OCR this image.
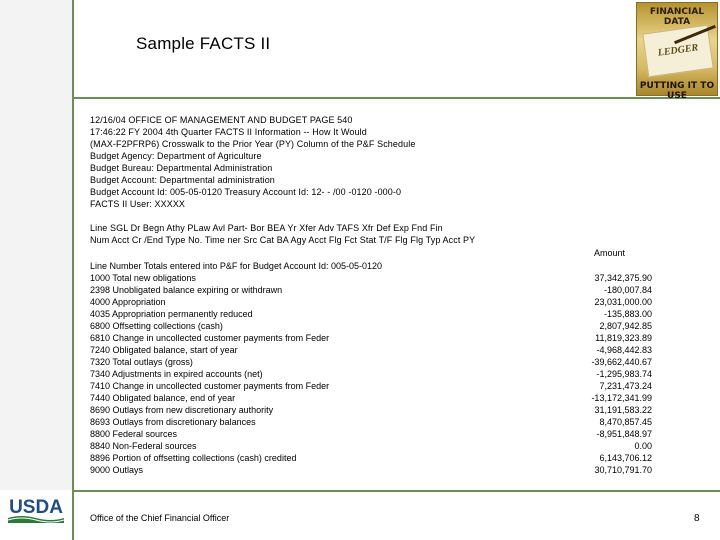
Sample FACTS II
FINANCIAL DATA
LEDGER
PUTTING IT TO USE
12/16/04 OFFICE OF MANAGEMENT AND BUDGET PAGE 540
17:46:22 FY 2004 4th Quarter FACTS II Information -- How It Would
(MAX-F2PFRP6) Crosswalk to the Prior Year (PY) Column of the P&F Schedule
Budget Agency: Department of Agriculture
Budget Bureau: Departmental Administration
Budget Account: Departmental administration
Budget Account Id: 005-05-0120 Treasury Account Id: 12- - /00 -0120 -000-0
FACTS II User: XXXXX
Line SGL Dr Begn Athy PLaw Avl Part- Bor BEA Yr Xfer Adv TAFS Xfr Def Exp Fnd Fin
Num Acct Cr /End Type No. Time ner Src Cat BA Agy Acct Flg Fct Stat T/F Flg Flg Typ Acct PY
Amount
Line Number Totals entered into P&F for Budget Account Id: 005-05-0120
1000 Total new obligations	37,342,375.90
2398 Unobligated balance expiring or withdrawn	-180,007.84
4000 Appropriation	23,031,000.00
4035 Appropriation permanently reduced	-135,883.00
6800 Offsetting collections (cash)	2,807,942.85
6810 Change in uncollected customer payments from Feder	11,819,323.89
7240 Obligated balance, start of year	-4,968,442.83
7320 Total outlays (gross)	-39,662,440.67
7340 Adjustments in expired accounts (net)	-1,295,983.74
7410 Change in uncollected customer payments from Feder	7,231,473.24
7440 Obligated balance, end of year	-13,172,341.99
8690 Outlays from new discretionary authority	31,191,583.22
8693 Outlays from discretionary balances	8,470,857.45
8800 Federal sources	-8,951,848.97
8840 Non-Federal sources	0.00
8896 Portion of offsetting collections (cash) credited	6,143,706.12
9000 Outlays	30,710,791.70
USDA	Office of the Chief Financial Officer	8
